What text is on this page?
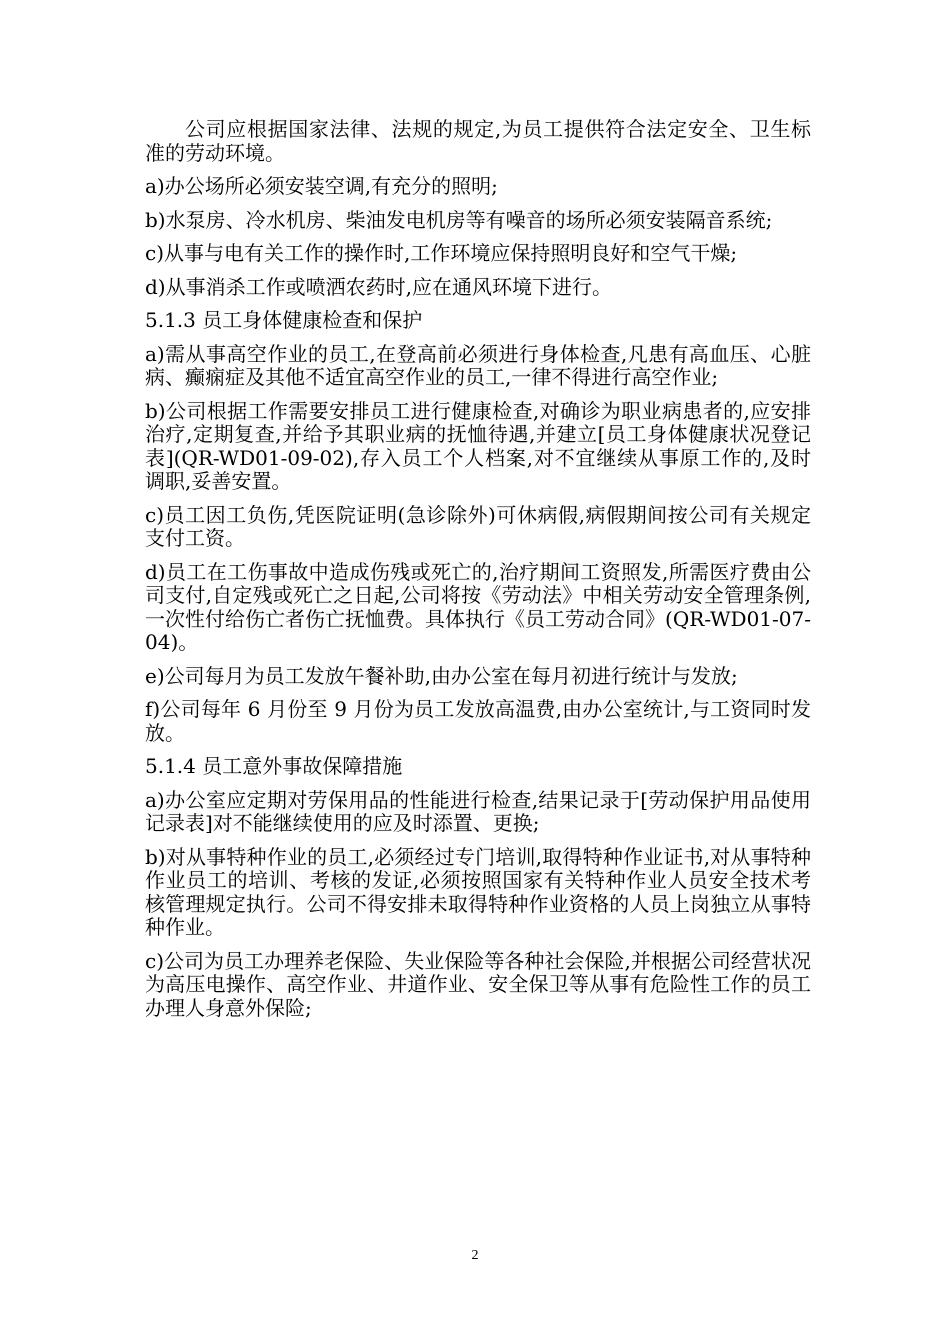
公司应根据国家法律、法规的规定,为员工提供符合法定安全、卫生标准的劳动环境。

a)办公场所必须安装空调,有充分的照明;

b)水泵房、冷水机房、柴油发电机房等有噪音的场所必须安装隔音系统;

c)从事与电有关工作的操作时,工作环境应保持照明良好和空气干燥;

d)从事消杀工作或喷洒农药时,应在通风环境下进行。

5.1.3 员工身体健康检查和保护

a)需从事高空作业的员工,在登高前必须进行身体检查,凡患有高血压、心脏病、癫痫症及其他不适宜高空作业的员工,一律不得进行高空作业;

b)公司根据工作需要安排员工进行健康检查,对确诊为职业病患者的,应安排治疗,定期复查,并给予其职业病的抚恤待遇,并建立[员工身体健康状况登记表](QR-WD01-09-02),存入员工个人档案,对不宜继续从事原工作的,及时调职,妥善安置。

c)员工因工负伤,凭医院证明(急诊除外)可休病假,病假期间按公司有关规定支付工资。

d)员工在工伤事故中造成伤残或死亡的,治疗期间工资照发,所需医疗费由公司支付,自定残或死亡之日起,公司将按《劳动法》中相关劳动安全管理条例,一次性付给伤亡者伤亡抚恤费。具体执行《员工劳动合同》(QR-WD01-07-04)。

e)公司每月为员工发放午餐补助,由办公室在每月初进行统计与发放;

f)公司每年 6 月份至 9 月份为员工发放高温费,由办公室统计,与工资同时发放。

5.1.4 员工意外事故保障措施

a)办公室应定期对劳保用品的性能进行检查,结果记录于[劳动保护用品使用记录表]对不能继续使用的应及时添置、更换;

b)对从事特种作业的员工,必须经过专门培训,取得特种作业证书,对从事特种作业员工的培训、考核的发证,必须按照国家有关特种作业人员安全技术考核管理规定执行。公司不得安排未取得特种作业资格的人员上岗独立从事特种作业。

c)公司为员工办理养老保险、失业保险等各种社会保险,并根据公司经营状况为高压电操作、高空作业、井道作业、安全保卫等从事有危险性工作的员工办理人身意外保险;

2
